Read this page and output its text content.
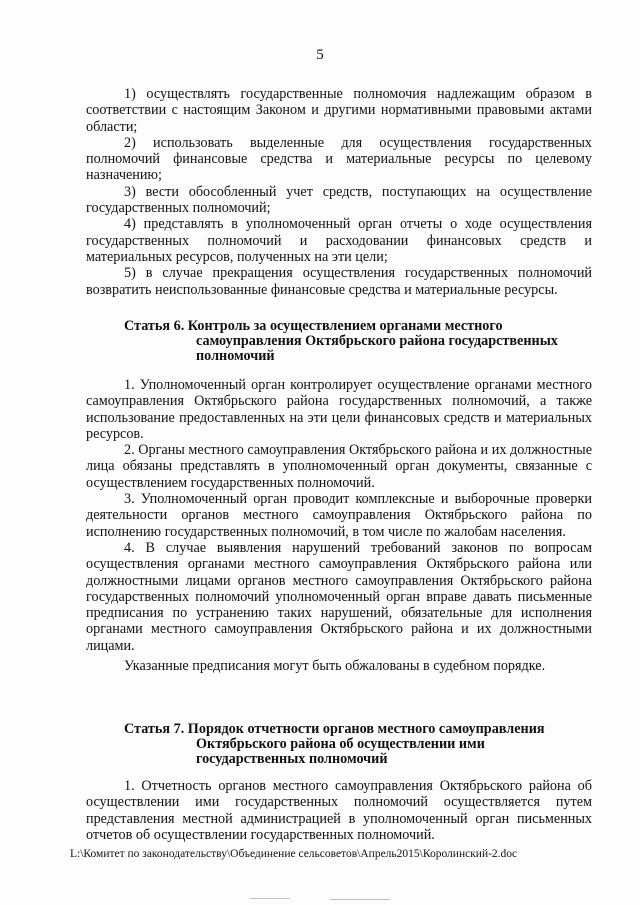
5

1) осуществлять государственные полномочия надлежащим образом в соответствии с настоящим Законом и другими нормативными правовыми актами области;

2) использовать выделенные для осуществления государственных полномочий финансовые средства и материальные ресурсы по целевому назначению;

3) вести обособленный учет средств, поступающих на осуществление государственных полномочий;

4) представлять в уполномоченный орган отчеты о ходе осуществления государственных полномочий и расходовании финансовых средств и материальных ресурсов, полученных на эти цели;

5) в случае прекращения осуществления государственных полномочий возвратить неиспользованные финансовые средства и материальные ресурсы.

Статья 6. Контроль за осуществлением органами местного
самоуправления Октябрьского района государственных полномочий

1. Уполномоченный орган контролирует осуществление органами местного самоуправления Октябрьского района государственных полномочий, а также использование предоставленных на эти цели финансовых средств и материальных ресурсов.

2. Органы местного самоуправления Октябрьского района и их должностные лица обязаны представлять в уполномоченный орган документы, связанные с осуществлением государственных полномочий.

3. Уполномоченный орган проводит комплексные и выборочные проверки деятельности органов местного самоуправления Октябрьского района по исполнению государственных полномочий, в том числе по жалобам населения.

4. В случае выявления нарушений требований законов по вопросам осуществления органами местного самоуправления Октябрьского района или должностными лицами органов местного самоуправления Октябрьского района государственных полномочий уполномоченный орган вправе давать письменные предписания по устранению таких нарушений, обязательные для исполнения органами местного самоуправления Октябрьского района и их должностными лицами.

Указанные предписания могут быть обжалованы в судебном порядке.

Статья 7. Порядок отчетности органов местного самоуправления
Октябрьского района об осуществлении ими государственных полномочий

1. Отчетность органов местного самоуправления Октябрьского района об осуществлении ими государственных полномочий осуществляется путем представления местной администрацией в уполномоченный орган письменных отчетов об осуществлении государственных полномочий.

L:\Комитет по законодательству\Объединение сельсоветов\Апрель2015\Королинский-2.doc
